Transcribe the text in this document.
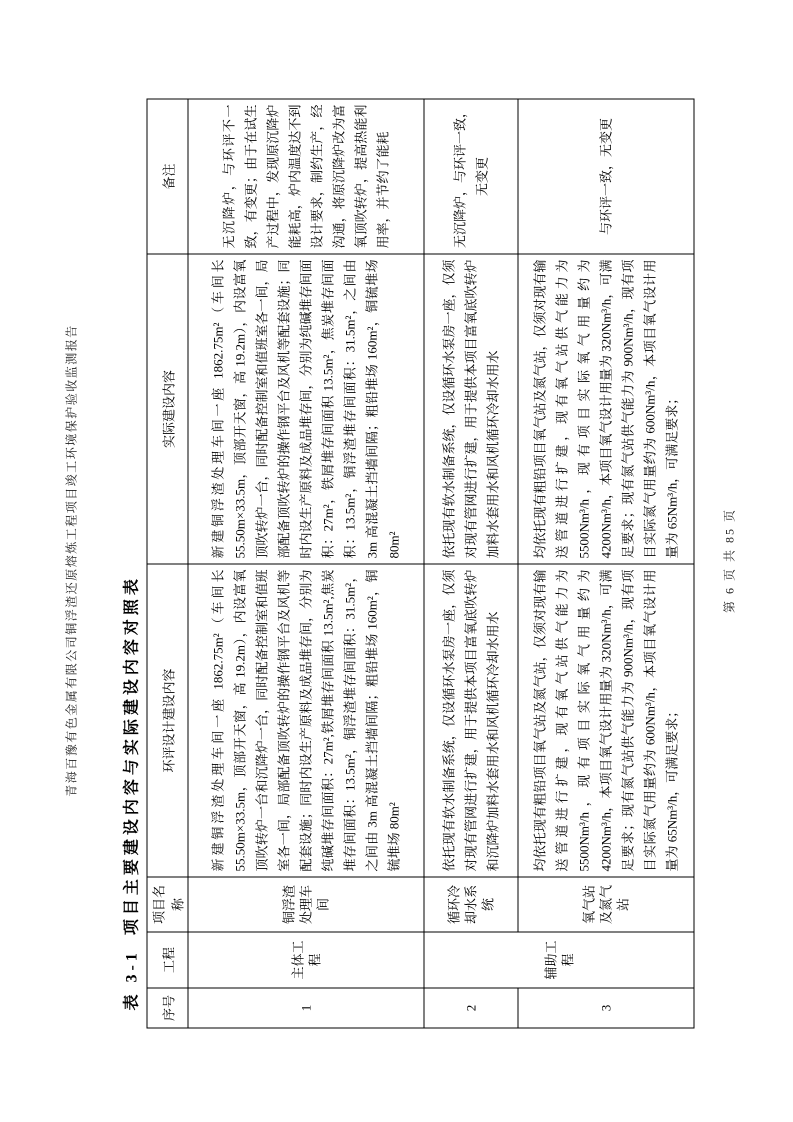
青海百豫有色金属有限公司铜浮渣还原熔炼工程项目竣工环境保护验收监测报告
表 3-1项目主要建设内容与实际建设内容对照表
序号	工程	项目名称	环评设计建设内容	实际建设内容	备注
1	主体工程	铜浮渣处理车间	新建铜浮渣处理车间一座 1862.75m²（车间长 55.50m×33.5m，顶部开天窗，高 19.2m），内设富氧顶吹转炉一台和沉降炉一台，同时配备控制室和值班室各一间，局部配备顶吹转炉的操作钢平台及风机等配套设施；同时内设生产原料及成品堆存间，分别为纯碱堆存间面积：27m²,铁屑堆存间面积 13.5m²,焦炭堆存间面积：13.5m²，铜浮渣堆存间面积：31.5m²，之间由 3m 高混凝土挡墙间隔；粗铅堆场 160m²，铜锍堆场 80m²	新建铜浮渣处理车间一座 1862.75m²（车间长 55.50m×33.5m，顶部开天窗，高 19.2m），内设富氧顶吹转炉一台，同时配备控制室和值班室各一间，局部配备顶吹转炉的操作钢平台及风机等配套设施；同时内设生产原料及成品堆存间，分别为纯碱堆存间面积：27m²，铁屑堆存间面积 13.5m²，焦炭堆存间面积：13.5m²，铜浮渣堆存间面积：31.5m²，之间由 3m 高混凝土挡墙间隔；粗铅堆场 160m²，铜锍堆场 80m²	无沉降炉，与环评不一致，有变更；由于在试生产过程中，发现原沉降炉能耗高，炉内温度达不到设计要求，制约生产，经沟通，将原沉降炉改为富氧顶吹转炉，提高热能利用率，并节约了能耗
2	辅助工程	循环冷却水系统	依托现有软水制备系统，仅设循环水泵房一座，仅须对现有管网进行扩建，用于提供本项目富氧底吹转炉和沉降炉加料水套用水和风机循环冷却水用水	依托现有软水制备系统，仅设循环水泵房一座，仅须对现有管网进行扩建，用于提供本项目富氧底吹转炉加料水套用水和风机循环冷却水用水	无沉降炉，与环评一致，无变更
3		氧气站及氮气站	均依托现有粗铅项目氧气站及氮气站，仅须对现有输送管道进行扩建，现有氧气站供气能力为 5500Nm³/h，现有项目实际氧气用量约为 4200Nm³/h，本项目氧气设计用量为 320Nm³/h，可满足要求；现有氮气站供气能力为 900Nm³/h，现有项目实际氮气用量约为 600Nm³/h，本项目氧气设计用量为 65Nm³/h，可满足要求；	均依托现有粗铅项目氧气站及氮气站，仅须对现有输送管道进行扩建，现有氧气站供气能力为 5500Nm³/h，现有项目实际氧气用量约为 4200Nm³/h，本项目氧气设计用量为 320Nm³/h，可满足要求；现有氮气站供气能力为 900Nm³/h，现有项目实际氮气用量约为 600Nm³/h，本项目氧气设计用量为 65Nm³/h，可满足要求；	与环评一致，无变更
第 6 页 共 85 页
